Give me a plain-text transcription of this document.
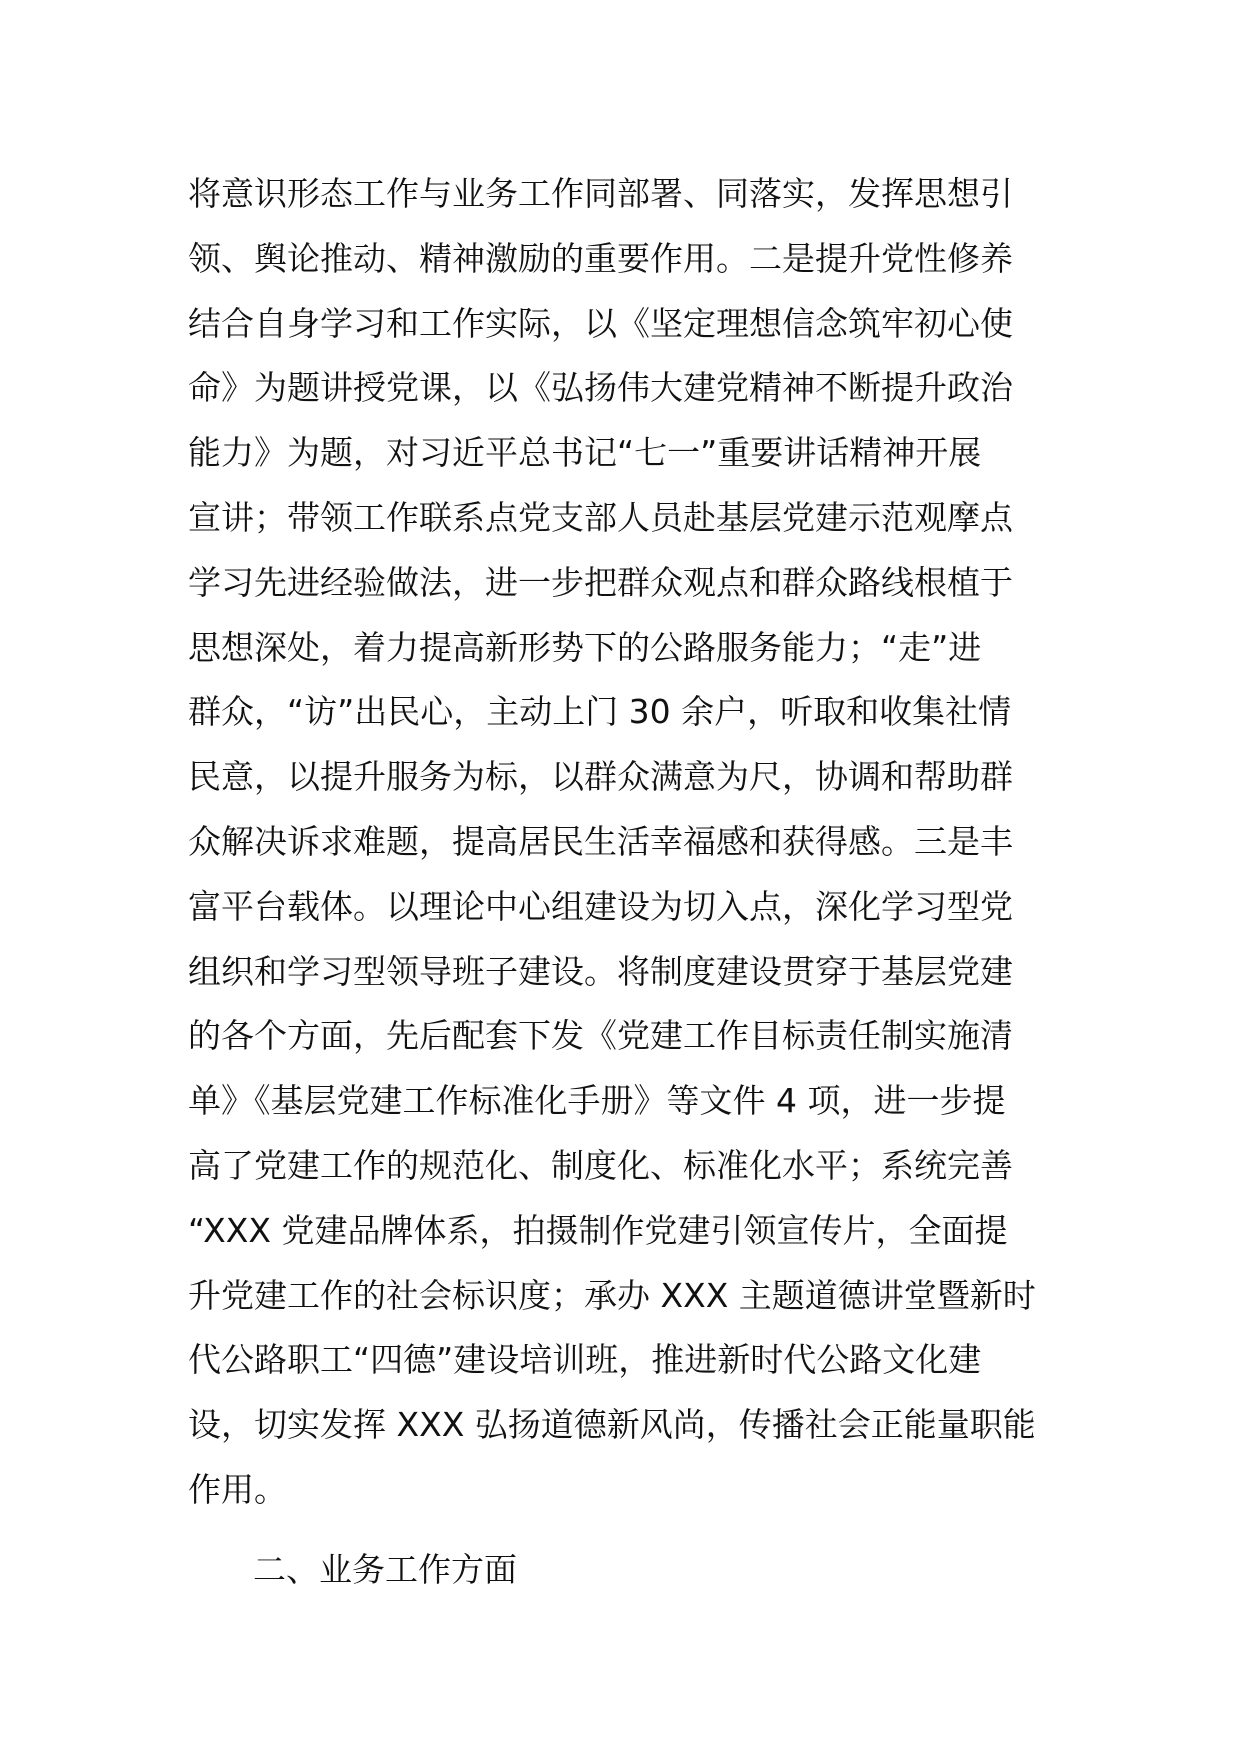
将意识形态工作与业务工作同部署、同落实，发挥思想引
领、舆论推动、精神激励的重要作用。二是提升党性修养
结合自身学习和工作实际，以《坚定理想信念筑牢初心使
命》为题讲授党课，以《弘扬伟大建党精神不断提升政治
能力》为题，对习近平总书记“七一”重要讲话精神开展
宣讲；带领工作联系点党支部人员赴基层党建示范观摩点
学习先进经验做法，进一步把群众观点和群众路线根植于
思想深处，着力提高新形势下的公路服务能力；“走”进
群众，“访”出民心，主动上门 30 余户，听取和收集社情
民意，以提升服务为标，以群众满意为尺，协调和帮助群
众解决诉求难题，提高居民生活幸福感和获得感。三是丰
富平台载体。以理论中心组建设为切入点，深化学习型党
组织和学习型领导班子建设。将制度建设贯穿于基层党建
的各个方面，先后配套下发《党建工作目标责任制实施清
单》《基层党建工作标准化手册》等文件 4 项，进一步提
高了党建工作的规范化、制度化、标准化水平；系统完善
“XXX 党建品牌体系，拍摄制作党建引领宣传片，全面提
升党建工作的社会标识度；承办 XXX 主题道德讲堂暨新时
代公路职工“四德”建设培训班，推进新时代公路文化建
设，切实发挥 XXX 弘扬道德新风尚，传播社会正能量职能
作用。
二、业务工作方面
